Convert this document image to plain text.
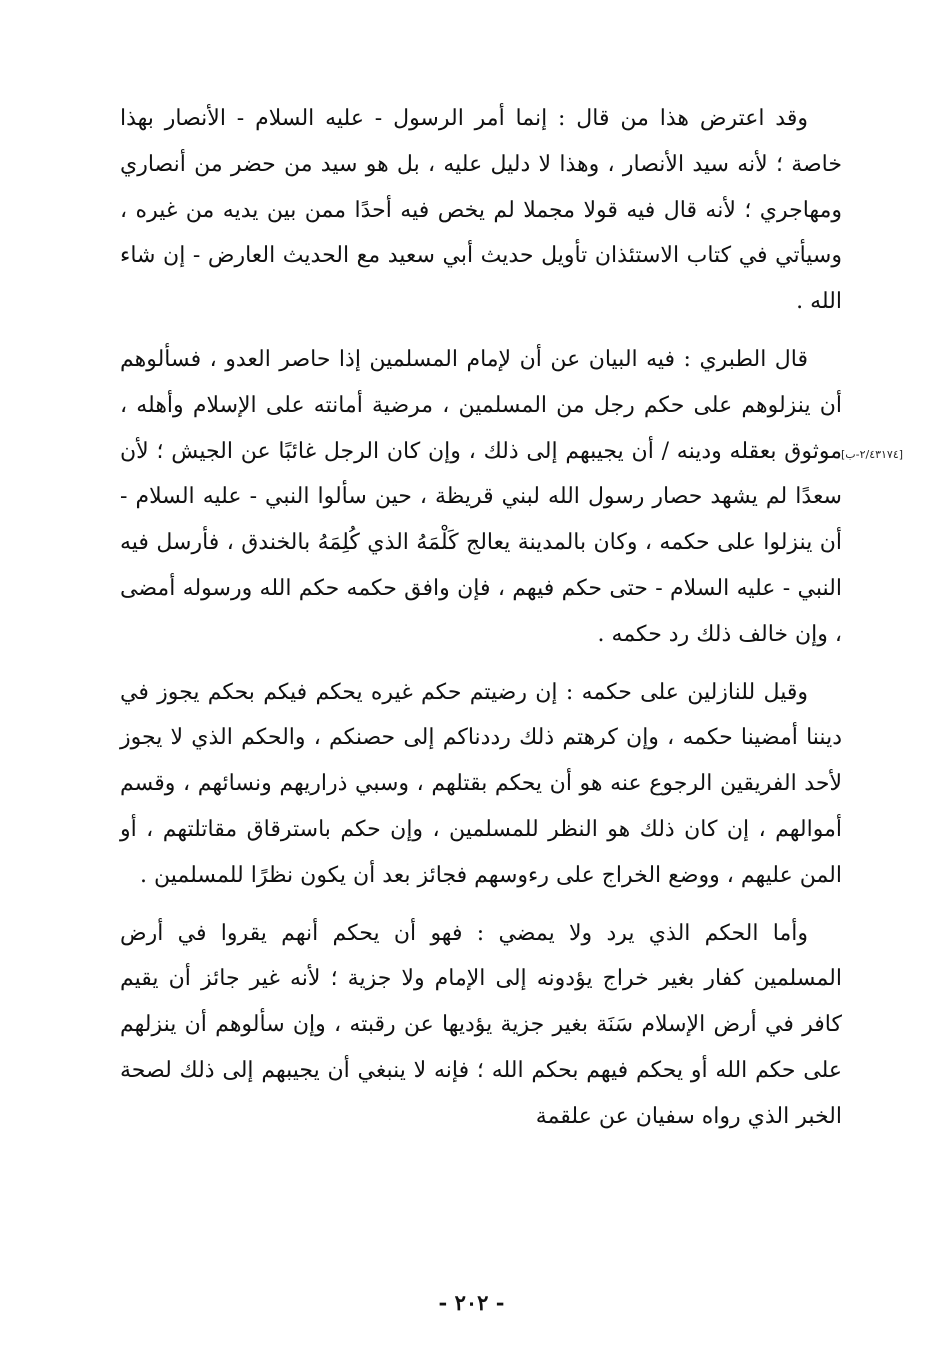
وقد اعترض هذا من قال : إنما أمر الرسول - عليه السلام - الأنصار بهذا خاصة ؛ لأنه سيد الأنصار ، وهذا لا دليل عليه ، بل هو سيد من حضر من أنصاري ومهاجري ؛ لأنه قال فيه قولا مجملا لم يخص فيه أحدًا ممن بين يديه من غيره ، وسيأتي في كتاب الاستئذان تأويل حديث أبي سعيد مع الحديث العارض - إن شاء الله .

قال الطبري : فيه البيان عن أن لإمام المسلمين إذا حاصر العدو ، فسألوهم أن ينزلوهم على حكم رجل من المسلمين ، مرضية أمانته على الإسلام وأهله ، موثوق بعقله ودينه / أن يجيبهم إلى ذلك ، وإن كان الرجل غائبًا عن الجيش ؛ لأن سعدًا لم يشهد حصار رسول الله لبني قريظة ، حين سألوا النبي - عليه السلام - أن ينزلوا على حكمه ، وكان بالمدينة يعالج كَلْمَهُ الذي كُلِمَهُ بالخندق ، فأرسل فيه النبي - عليه السلام - حتى حكم فيهم ، فإن وافق حكمه حكم الله ورسوله أمضى ، وإن خالف ذلك رد حكمه .

وقيل للنازلين على حكمه : إن رضيتم حكم غيره يحكم فيكم بحكم يجوز في ديننا أمضينا حكمه ، وإن كرهتم ذلك رددناكم إلى حصنكم ، والحكم الذي لا يجوز لأحد الفريقين الرجوع عنه هو أن يحكم بقتلهم ، وسبي ذراريهم ونسائهم ، وقسم أموالهم ، إن كان ذلك هو النظر للمسلمين ، وإن حكم باسترقاق مقاتلتهم ، أو المن عليهم ، ووضع الخراج على رءوسهم فجائز بعد أن يكون نظرًا للمسلمين .

وأما الحكم الذي يرد ولا يمضي : فهو أن يحكم أنهم يقروا في أرض المسلمين كفار بغير خراج يؤدونه إلى الإمام ولا جزية ؛ لأنه غير جائز أن يقيم كافر في أرض الإسلام سَنَة بغير جزية يؤديها عن رقبته ، وإن سألوهم أن ينزلهم على حكم الله أو يحكم فيهم بحكم الله ؛ فإنه لا ينبغي أن يجيبهم إلى ذلك لصحة الخبر الذي رواه سفيان عن علقمة

[٢/٤٣١٧٤-ب]
- ٢٠٢ -
